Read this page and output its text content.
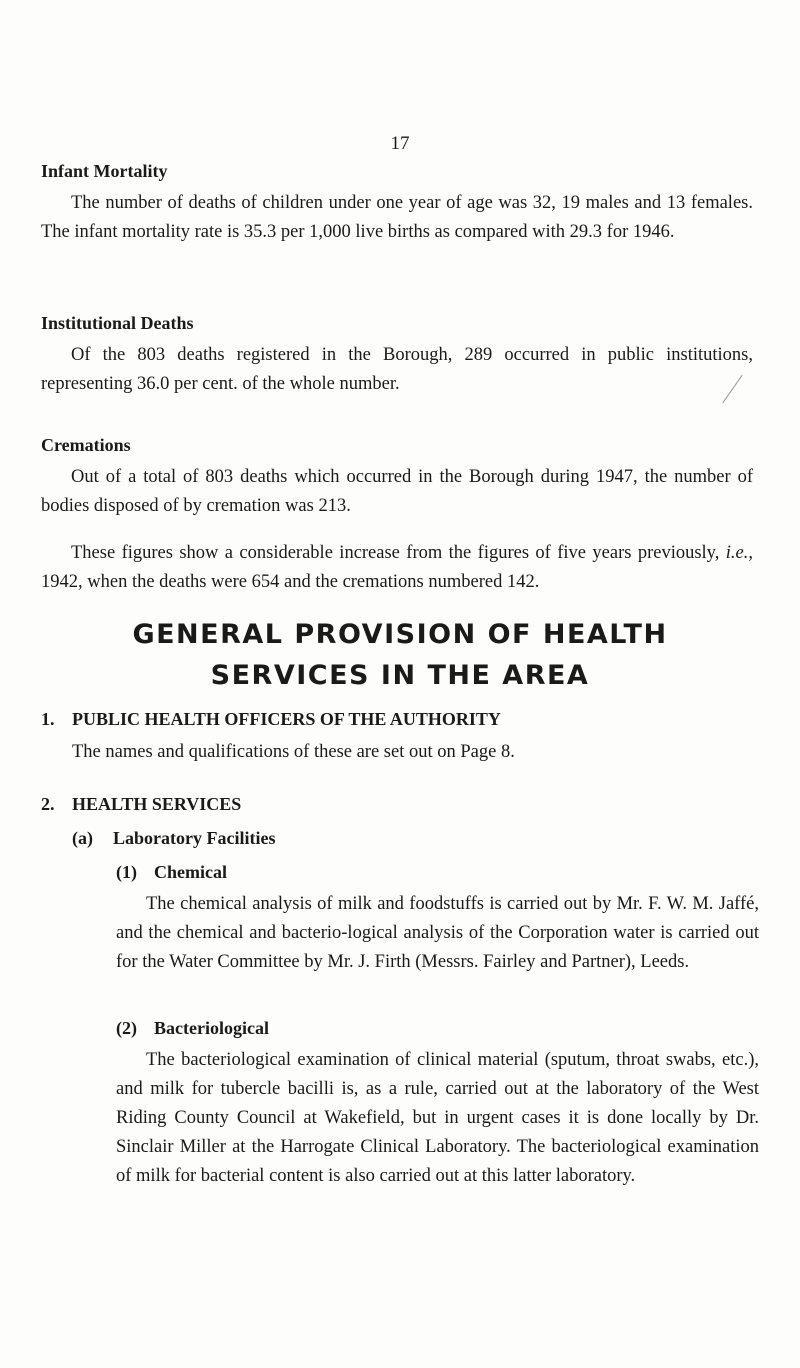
17
Infant Mortality
The number of deaths of children under one year of age was 32, 19 males and 13 females. The infant mortality rate is 35.3 per 1,000 live births as compared with 29.3 for 1946.
Institutional Deaths
Of the 803 deaths registered in the Borough, 289 occurred in public institutions, representing 36.0 per cent. of the whole number.
Cremations
Out of a total of 803 deaths which occurred in the Borough during 1947, the number of bodies disposed of by cremation was 213.
These figures show a considerable increase from the figures of five years previously, i.e., 1942, when the deaths were 654 and the cremations numbered 142.
GENERAL PROVISION OF HEALTH
SERVICES IN THE AREA
1. PUBLIC HEALTH OFFICERS OF THE AUTHORITY
The names and qualifications of these are set out on Page 8.
2. HEALTH SERVICES
(a) Laboratory Facilities
(1) Chemical
The chemical analysis of milk and foodstuffs is carried out by Mr. F. W. M. Jaffé, and the chemical and bacterio-logical analysis of the Corporation water is carried out for the Water Committee by Mr. J. Firth (Messrs. Fairley and Partner), Leeds.
(2) Bacteriological
The bacteriological examination of clinical material (sputum, throat swabs, etc.), and milk for tubercle bacilli is, as a rule, carried out at the laboratory of the West Riding County Council at Wakefield, but in urgent cases it is done locally by Dr. Sinclair Miller at the Harrogate Clinical Laboratory. The bacteriological examination of milk for bacterial content is also carried out at this latter laboratory.
